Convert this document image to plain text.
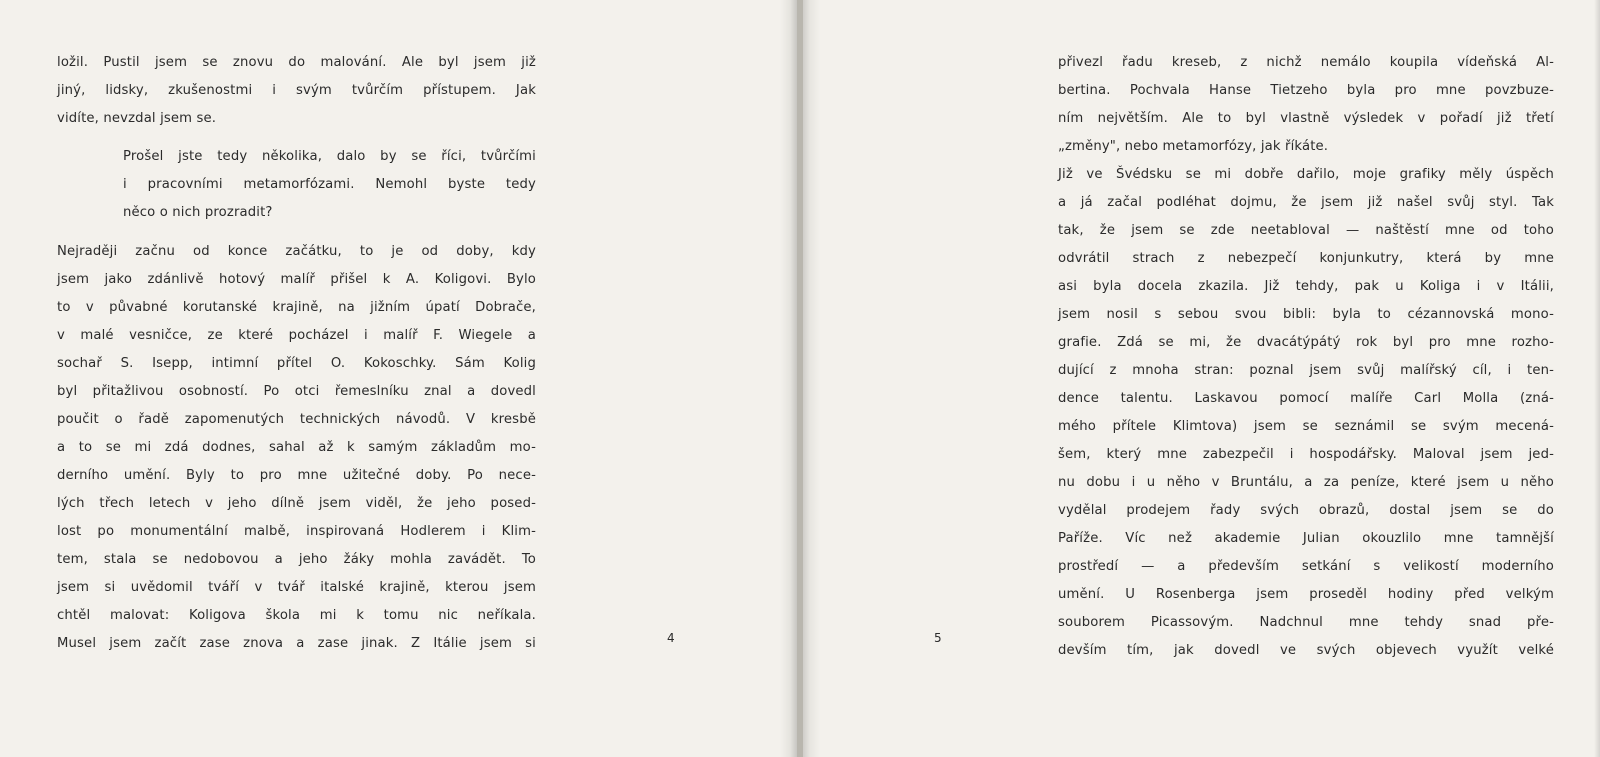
ložil. Pustil jsem se znovu do malování. Ale byl jsem již
jiný, lidsky, zkušenostmi i svým tvůrčím přístupem. Jak
vidíte, nevzdal jsem se.
Prošel jste tedy několika, dalo by se říci, tvůrčími
i pracovními metamorfózami. Nemohl byste tedy
něco o nich prozradit?
Nejraději začnu od konce začátku, to je od doby, kdy
jsem jako zdánlivě hotový malíř přišel k A. Koligovi. Bylo
to v půvabné korutanské krajině, na jižním úpatí Dobrače,
v malé vesničce, ze které pocházel i malíř F. Wiegele a
sochař S. Isepp, intimní přítel O. Kokoschky. Sám Kolig
byl přitažlivou osobností. Po otci řemeslníku znal a dovedl
poučit o řadě zapomenutých technických návodů. V kresbě
a to se mi zdá dodnes, sahal až k samým základům mo-
derního umění. Byly to pro mne užitečné doby. Po nece-
lých třech letech v jeho dílně jsem viděl, že jeho posed-
lost po monumentální malbě, inspirovaná Hodlerem i Klim-
tem, stala se nedobovou a jeho žáky mohla zavádět. To
jsem si uvědomil tváří v tvář italské krajině, kterou jsem
chtěl malovat: Koligova škola mi k tomu nic neříkala.
Musel jsem začít zase znova a zase jinak. Z Itálie jsem si	4	5
přivezl řadu kreseb, z nichž nemálo koupila vídeňská Al-
bertina. Pochvala Hanse Tietzeho byla pro mne povzbuze-
ním největším. Ale to byl vlastně výsledek v pořadí již třetí
„změny", nebo metamorfózy, jak říkáte.
Již ve Švédsku se mi dobře dařilo, moje grafiky měly úspěch
a já začal podléhat dojmu, že jsem již našel svůj styl. Tak
tak, že jsem se zde neetabloval — naštěstí mne od toho
odvrátil strach z nebezpečí konjunkutry, která by mne
asi byla docela zkazila. Již tehdy, pak u Koliga i v Itálii,
jsem nosil s sebou svou bibli: byla to cézannovská mono-
grafie. Zdá se mi, že dvacátýpátý rok byl pro mne rozho-
dující z mnoha stran: poznal jsem svůj malířský cíl, i ten-
dence talentu. Laskavou pomocí malíře Carl Molla (zná-
mého přítele Klimtova) jsem se seznámil se svým mecená-
šem, který mne zabezpečil i hospodářsky. Maloval jsem jed-
nu dobu i u něho v Bruntálu, a za peníze, které jsem u něho
vydělal prodejem řady svých obrazů, dostal jsem se do
Paříže. Víc než akademie Julian okouzlilo mne tamnější
prostředí — a především setkání s velikostí moderního
umění. U Rosenberga jsem proseděl hodiny před velkým
souborem Picassovým. Nadchnul mne tehdy snad pře-
devším tím, jak dovedl ve svých objevech využít velké
